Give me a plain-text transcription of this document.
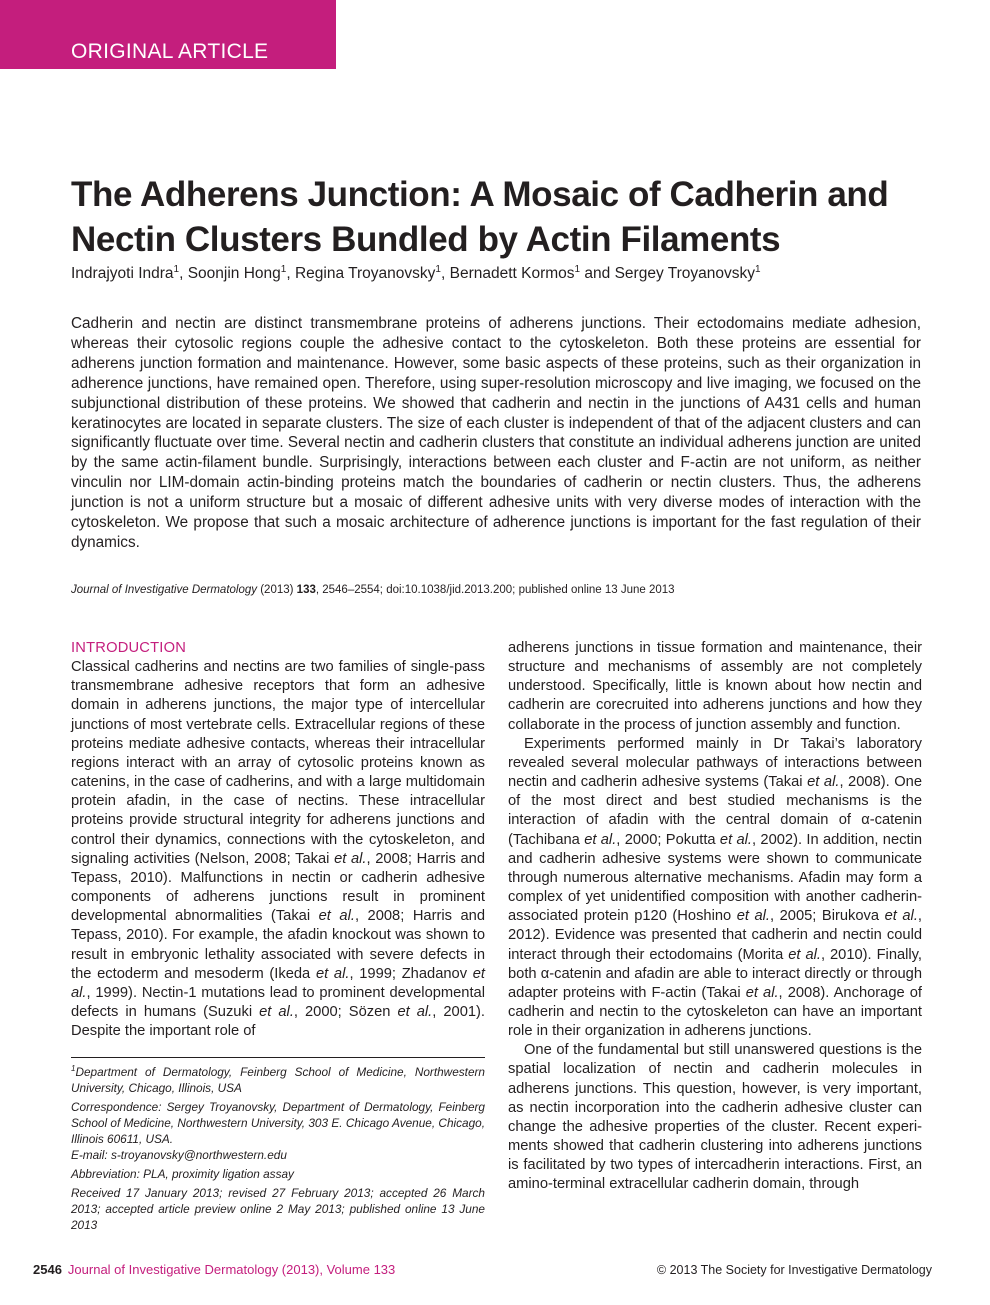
ORIGINAL ARTICLE
The Adherens Junction: A Mosaic of Cadherin and Nectin Clusters Bundled by Actin Filaments
Indrajyoti Indra$^1$, Soonjin Hong$^1$, Regina Troyanovsky$^1$, Bernadett Kormos$^1$ and Sergey Troyanovsky$^1$

Cadherin and nectin are distinct transmembrane proteins of adherens junctions. Their ectodomains mediate adhesion, whereas their cytosolic regions couple the adhesive contact to the cytoskeleton. Both these proteins are essential for adherens junction formation and maintenance. However, some basic aspects of these proteins, such as their organization in adherence junctions, have remained open. Therefore, using super-resolution microscopy and live imaging, we focused on the subjunctional distribution of these proteins. We showed that cadherin and nectin in the junctions of A431 cells and human keratinocytes are located in separate clusters. The size of each cluster is independent of that of the adjacent clusters and can significantly fluctuate over time. Several nectin and cadherin clusters that constitute an individual adherens junction are united by the same actin-filament bundle. Surprisingly, interactions between each cluster and F-actin are not uniform, as neither vinculin nor LIM-domain actin-binding proteins match the boundaries of cadherin or nectin clusters. Thus, the adherens junction is not a uniform structure but a mosaic of different adhesive units with very diverse modes of interaction with the cytoskeleton. We propose that such a mosaic architecture of adherence junctions is important for the fast regulation of their dynamics.

Journal of Investigative Dermatology (2013) 133, 2546–2554; doi:10.1038/jid.2013.200; published online 13 June 2013
INTRODUCTION

Classical cadherins and nectins are two families of single-pass transmembrane adhesive receptors that form an adhesive domain in adherens junctions, the major type of intercellular junctions of most vertebrate cells. Extracellular regions of these proteins mediate adhesive contacts, whereas their intracellular regions interact with an array of cytosolic proteins known as catenins, in the case of cadherins, and with a large multidomain protein afadin, in the case of nectins. These intracellular proteins provide structural integrity for adherens junctions and control their dynamics, connections with the cytoskeleton, and signaling activities (Nelson, 2008; Takai et al., 2008; Harris and Tepass, 2010). Malfunctions in nectin or cadherin adhesive components of adherens junctions result in prominent developmental abnormalities (Takai et al., 2008; Harris and Tepass, 2010). For example, the afadin knockout was shown to result in embryonic lethality associated with severe defects in the ectoderm and mesoderm (Ikeda et al., 1999; Zhadanov et al., 1999). Nectin-1 mutations lead to prominent developmental defects in humans (Suzuki et al., 2000; Sözen et al., 2001). Despite the important role of

adherens junctions in tissue formation and maintenance, their structure and mechanisms of assembly are not completely understood. Specifically, little is known about how nectin and cadherin are corecruited into adherens junctions and how they collaborate in the process of junction assembly and function.

Experiments performed mainly in Dr Takai’s laboratory revealed several molecular pathways of interactions between nectin and cadherin adhesive systems (Takai et al., 2008). One of the most direct and best studied mechanisms is the interaction of afadin with the central domain of α-catenin (Tachibana et al., 2000; Pokutta et al., 2002). In addition, nectin and cadherin adhesive systems were shown to communicate through numerous alternative mechanisms. Afadin may form a complex of yet unidentified composition with another cadherin-associated protein p120 (Hoshino et al., 2005; Birukova et al., 2012). Evidence was presented that cadherin and nectin could interact through their ectodomains (Morita et al., 2010). Finally, both α-catenin and afadin are able to interact directly or through adapter proteins with F-actin (Takai et al., 2008). Anchorage of cadherin and nectin to the cytoskeleton can have an important role in their organization in adherens junctions.

One of the fundamental but still unanswered questions is the spatial localization of nectin and cadherin molecules in adherens junctions. This question, however, is very important, as nectin incorporation into the cadherin adhesive cluster can change the adhesive properties of the cluster. Recent experiments showed that cadherin clustering into adherens junctions is facilitated by two types of intercadherin interactions. First, an amino-terminal extracellular cadherin domain, through

$^1$Department of Dermatology, Feinberg School of Medicine, Northwestern University, Chicago, Illinois, USA

Correspondence: Sergey Troyanovsky, Department of Dermatology, Feinberg School of Medicine, Northwestern University, 303 E. Chicago Avenue, Chicago, Illinois 60611, USA.

E-mail: s-troyanovsky@northwestern.edu

Abbreviation: PLA, proximity ligation assay

Received 17 January 2013; revised 27 February 2013; accepted 26 March 2013; accepted article preview online 2 May 2013; published online 13 June 2013

2546 Journal of Investigative Dermatology (2013), Volume 133	© 2013 The Society for Investigative Dermatology
